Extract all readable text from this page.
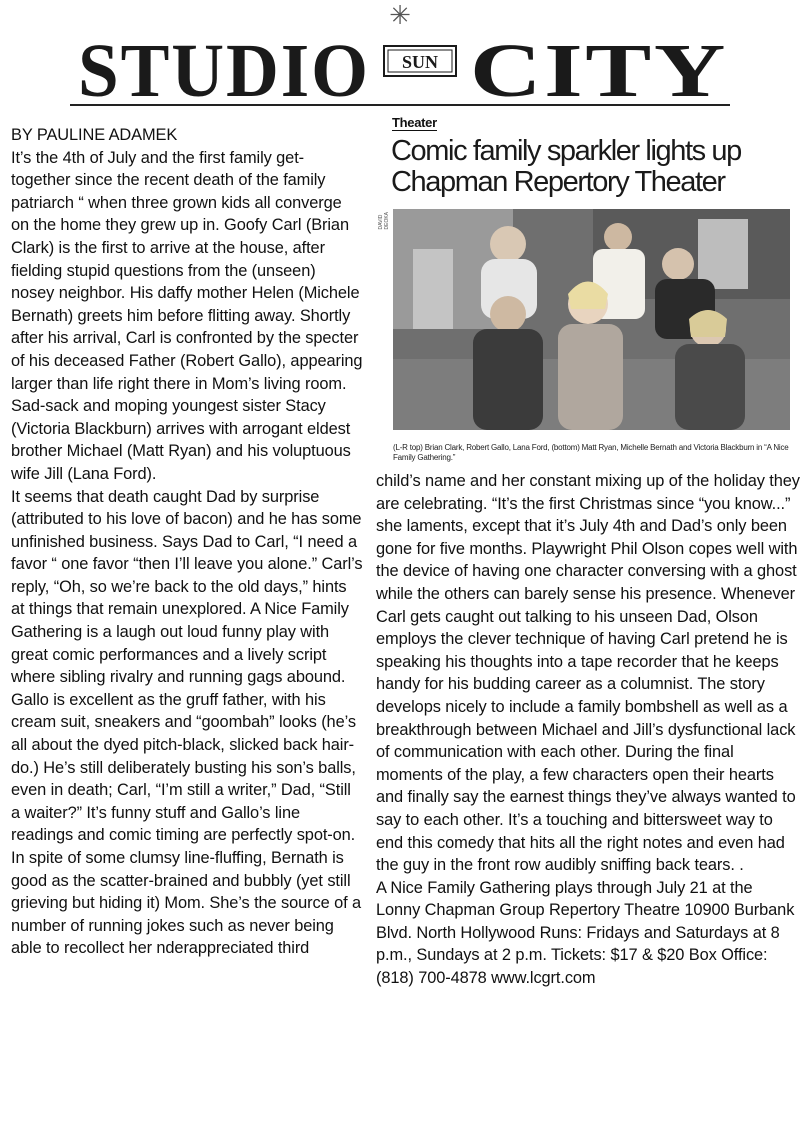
✳
STUDIO CITY
SUN
BY PAULINE ADAMEK

It’s the 4th of July and the first family get-together since the recent death of the family patriarch “ when three grown kids all converge on the home they grew up in. Goofy Carl (Brian Clark) is the first to arrive at the house, after fielding stupid questions from the (unseen) nosey neighbor. His daffy mother Helen (Michele Bernath) greets him before flitting away. Shortly after his arrival, Carl is confronted by the specter of his deceased Father (Robert Gallo), appearing larger than life right there in Mom’s living room. Sad-sack and moping youngest sister Stacy (Victoria Blackburn) arrives with arrogant eldest brother Michael (Matt Ryan) and his voluptuous wife Jill (Lana Ford).

It seems that death caught Dad by surprise (attributed to his love of bacon) and he has some unfinished business. Says Dad to Carl, “I need a favor “ one favor “then I’ll leave you alone.” Carl’s reply, “Oh, so we’re back to the old days,” hints at things that remain unexplored. A Nice Family Gathering is a laugh out loud funny play with great comic performances and a lively script where sibling rivalry and running gags abound. Gallo is excellent as the gruff father, with his cream suit, sneakers and “goombah” looks (he’s all about the dyed pitch-black, slicked back hair-do.) He’s still deliberately busting his son’s balls, even in death; Carl, “I’m still a writer,” Dad, “Still a waiter?” It’s funny stuff and Gallo’s line readings and comic timing are perfectly spot-on. In spite of some clumsy line-fluffing, Bernath is good as the scatter-brained and bubbly (yet still grieving but hiding it) Mom. She’s the source of a number of running jokes such as never being able to recollect her nderappreciated third

Theater
Comic family sparkler lights up
Chapman Repertory Theater
DAVID DEOKA

(L-R top) Brian Clark, Robert Gallo, Lana Ford, (bottom) Matt Ryan, Michelle Bernath and Victoria Blackburn in “A Nice Family Gathering.”

child’s name and her constant mixing up of the holiday they are celebrating. “It’s the first Christmas since “you know...” she laments, except that it’s July 4th and Dad’s only been gone for five months. Playwright Phil Olson copes well with the device of having one character conversing with a ghost while the others can barely sense his presence. Whenever Carl gets caught out talking to his unseen Dad, Olson employs the clever technique of having Carl pretend he is speaking his thoughts into a tape recorder that he keeps handy for his budding career as a columnist. The story develops nicely to include a family bombshell as well as a breakthrough between Michael and Jill’s dysfunctional lack of communication with each other. During the final moments of the play, a few characters open their hearts and finally say the earnest things they’ve always wanted to say to each other. It’s a touching and bittersweet way to end this comedy that hits all the right notes and even had the guy in the front row audibly sniffing back tears. .

A Nice Family Gathering plays through July 21 at the Lonny Chapman Group Repertory Theatre 10900 Burbank Blvd. North Hollywood Runs: Fridays and Saturdays at 8 p.m., Sundays at 2 p.m. Tickets: $17 & $20 Box Office: (818) 700-4878 www.lcgrt.com
